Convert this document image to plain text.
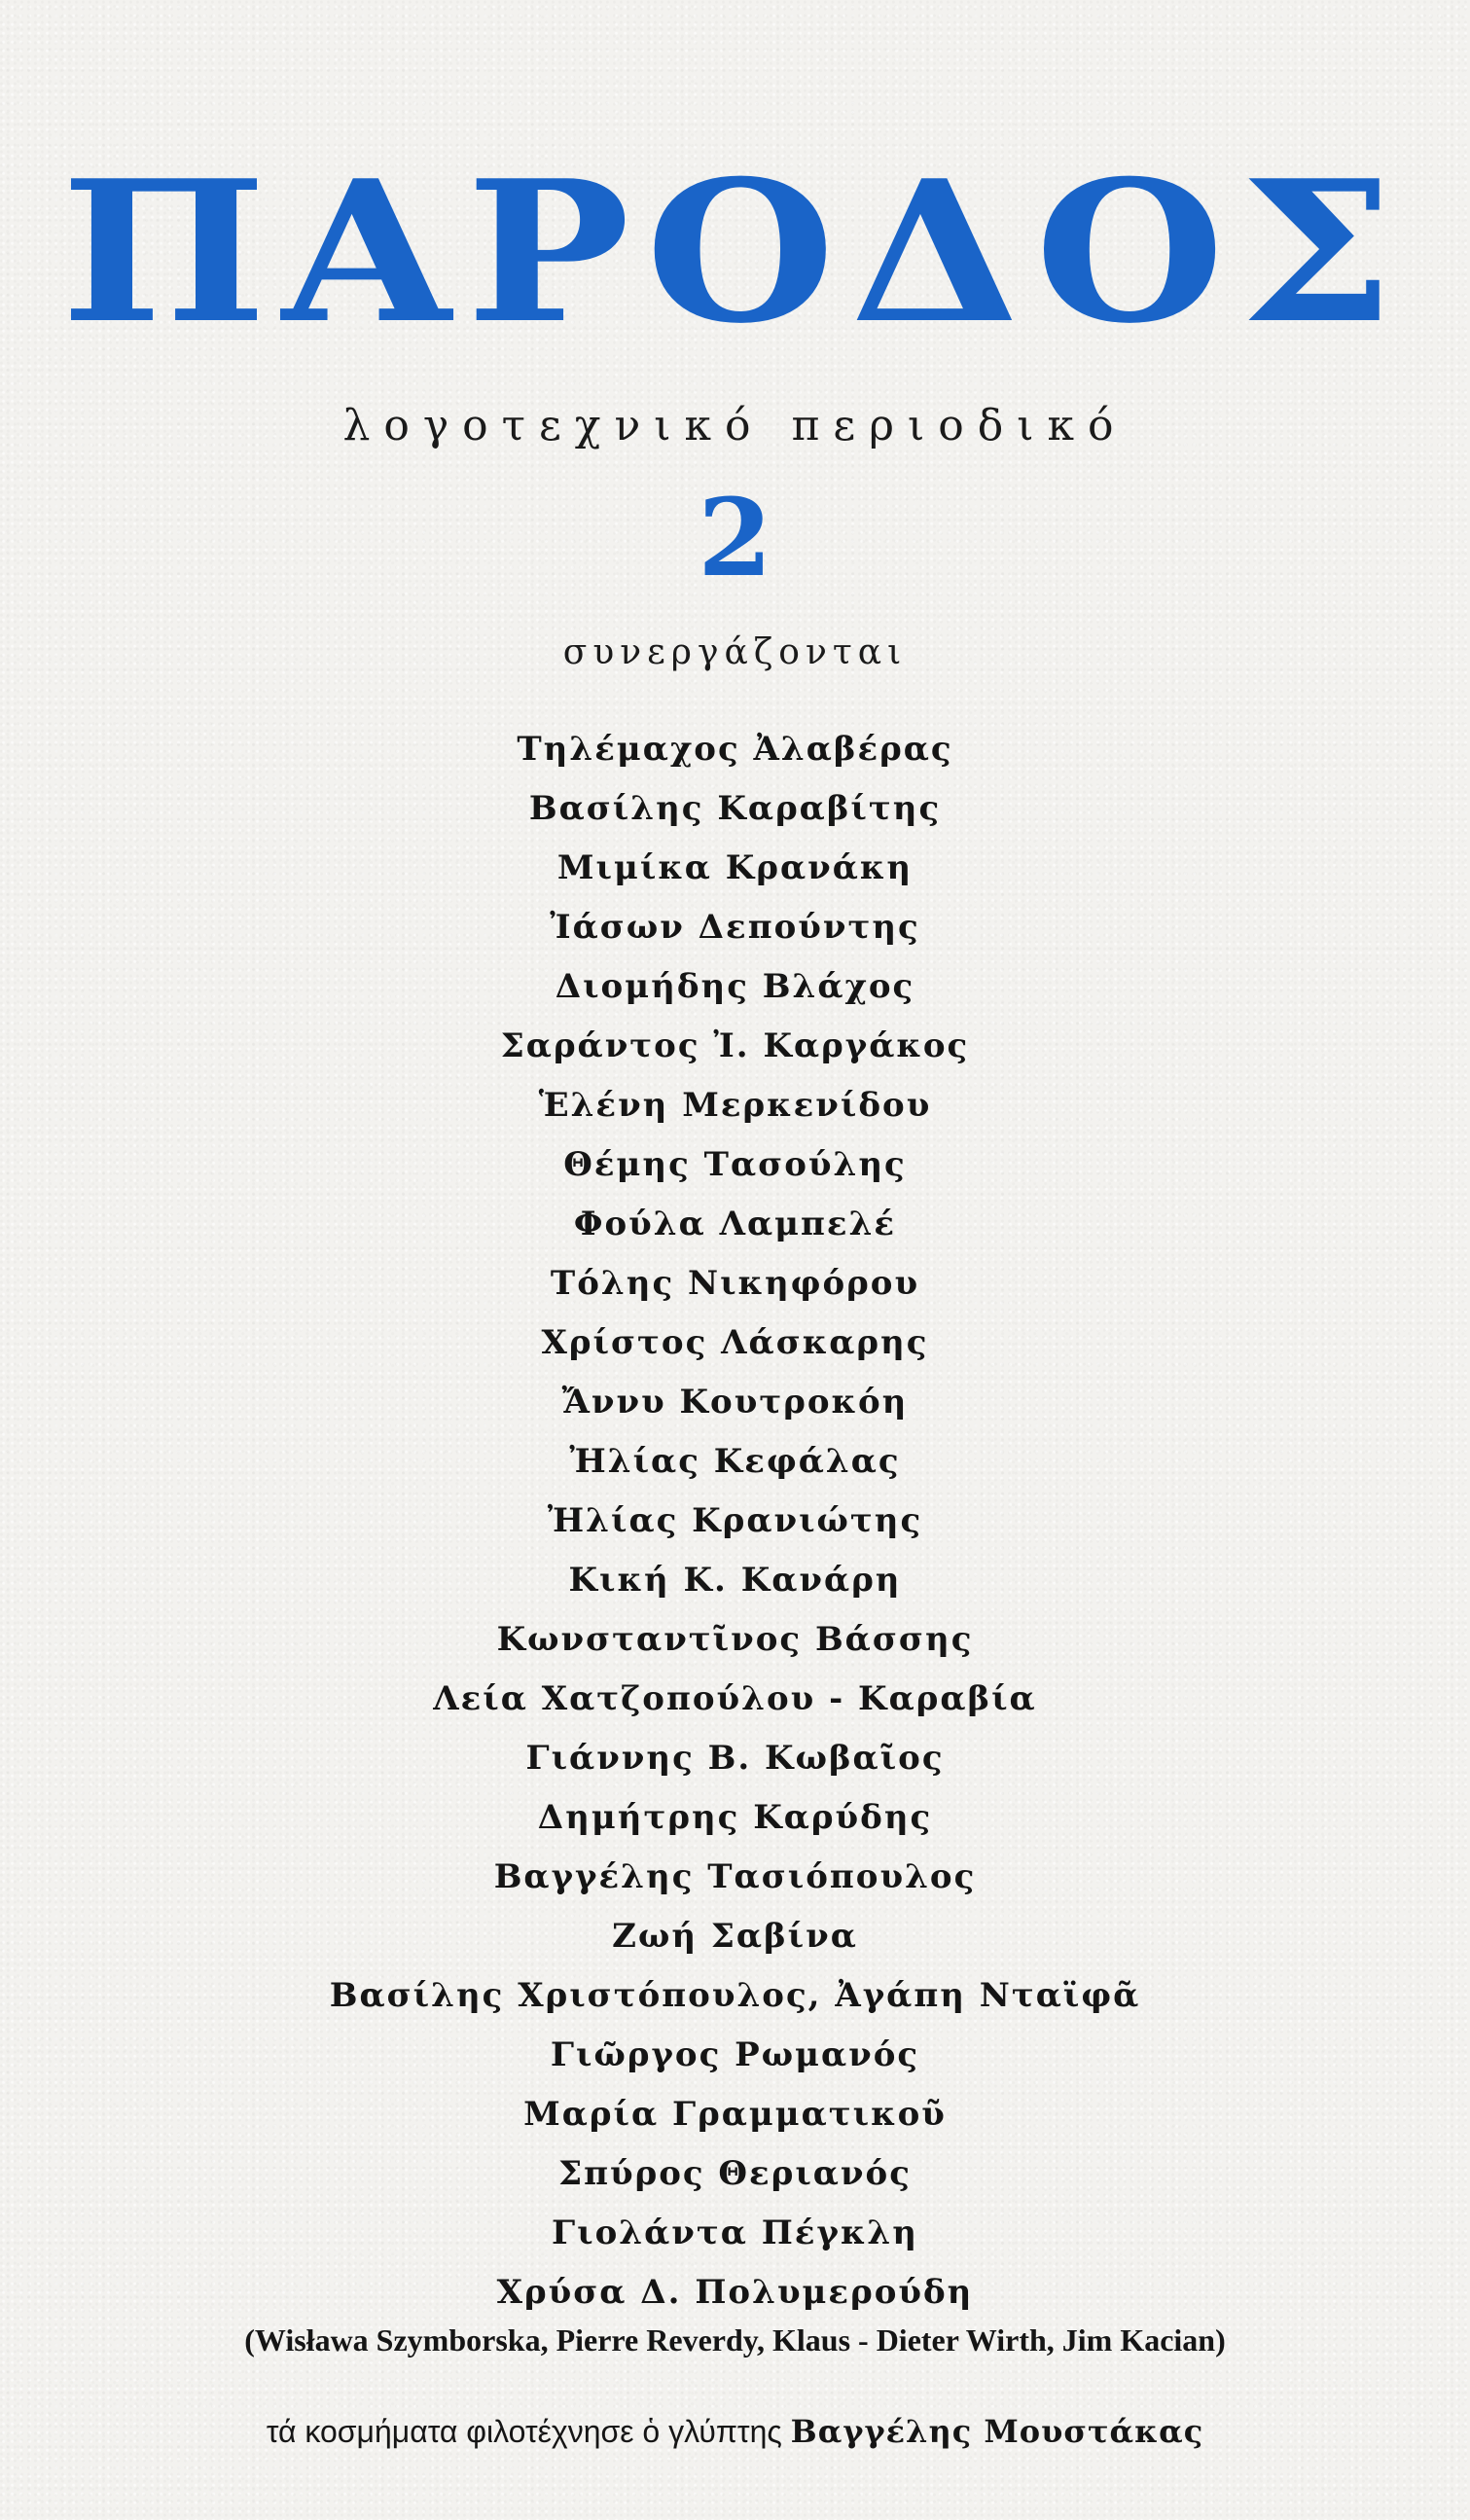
ΠΑΡΟΔΟΣ
λογοτεχνικό περιοδικό
2
συνεργάζονται
Τηλέμαχος Ἀλαβέρας
Βασίλης Καραβίτης
Μιμίκα Κρανάκη
Ἰάσων Δεπούντης
Διομήδης Βλάχος
Σαράντος Ἰ. Καργάκος
Ἑλένη Μερκενίδου
Θέμης Τασούλης
Φούλα Λαμπελέ
Τόλης Νικηφόρου
Χρίστος Λάσκαρης
Ἄννυ Κουτροκόη
Ἠλίας Κεφάλας
Ἠλίας Κρανιώτης
Κική Κ. Κανάρη
Κωνσταντῖνος Βάσσης
Λεία Χατζοπούλου - Καραβία
Γιάννης Β. Κωβαῖος
Δημήτρης Καρύδης
Βαγγέλης Τασιόπουλος
Ζωή Σαβίνα
Βασίλης Χριστόπουλος, Ἀγάπη Νταϊφᾶ
Γιῶργος Ρωμανός
Μαρία Γραμματικοῦ
Σπύρος Θεριανός
Γιολάντα Πέγκλη
Χρύσα Δ. Πολυμερούδη
(Wisława Szymborska, Pierre Reverdy, Klaus - Dieter Wirth, Jim Kacian)
τά κοσμήματα φιλοτέχνησε ὁ γλύπτης Βαγγέλης Μουστάκας
